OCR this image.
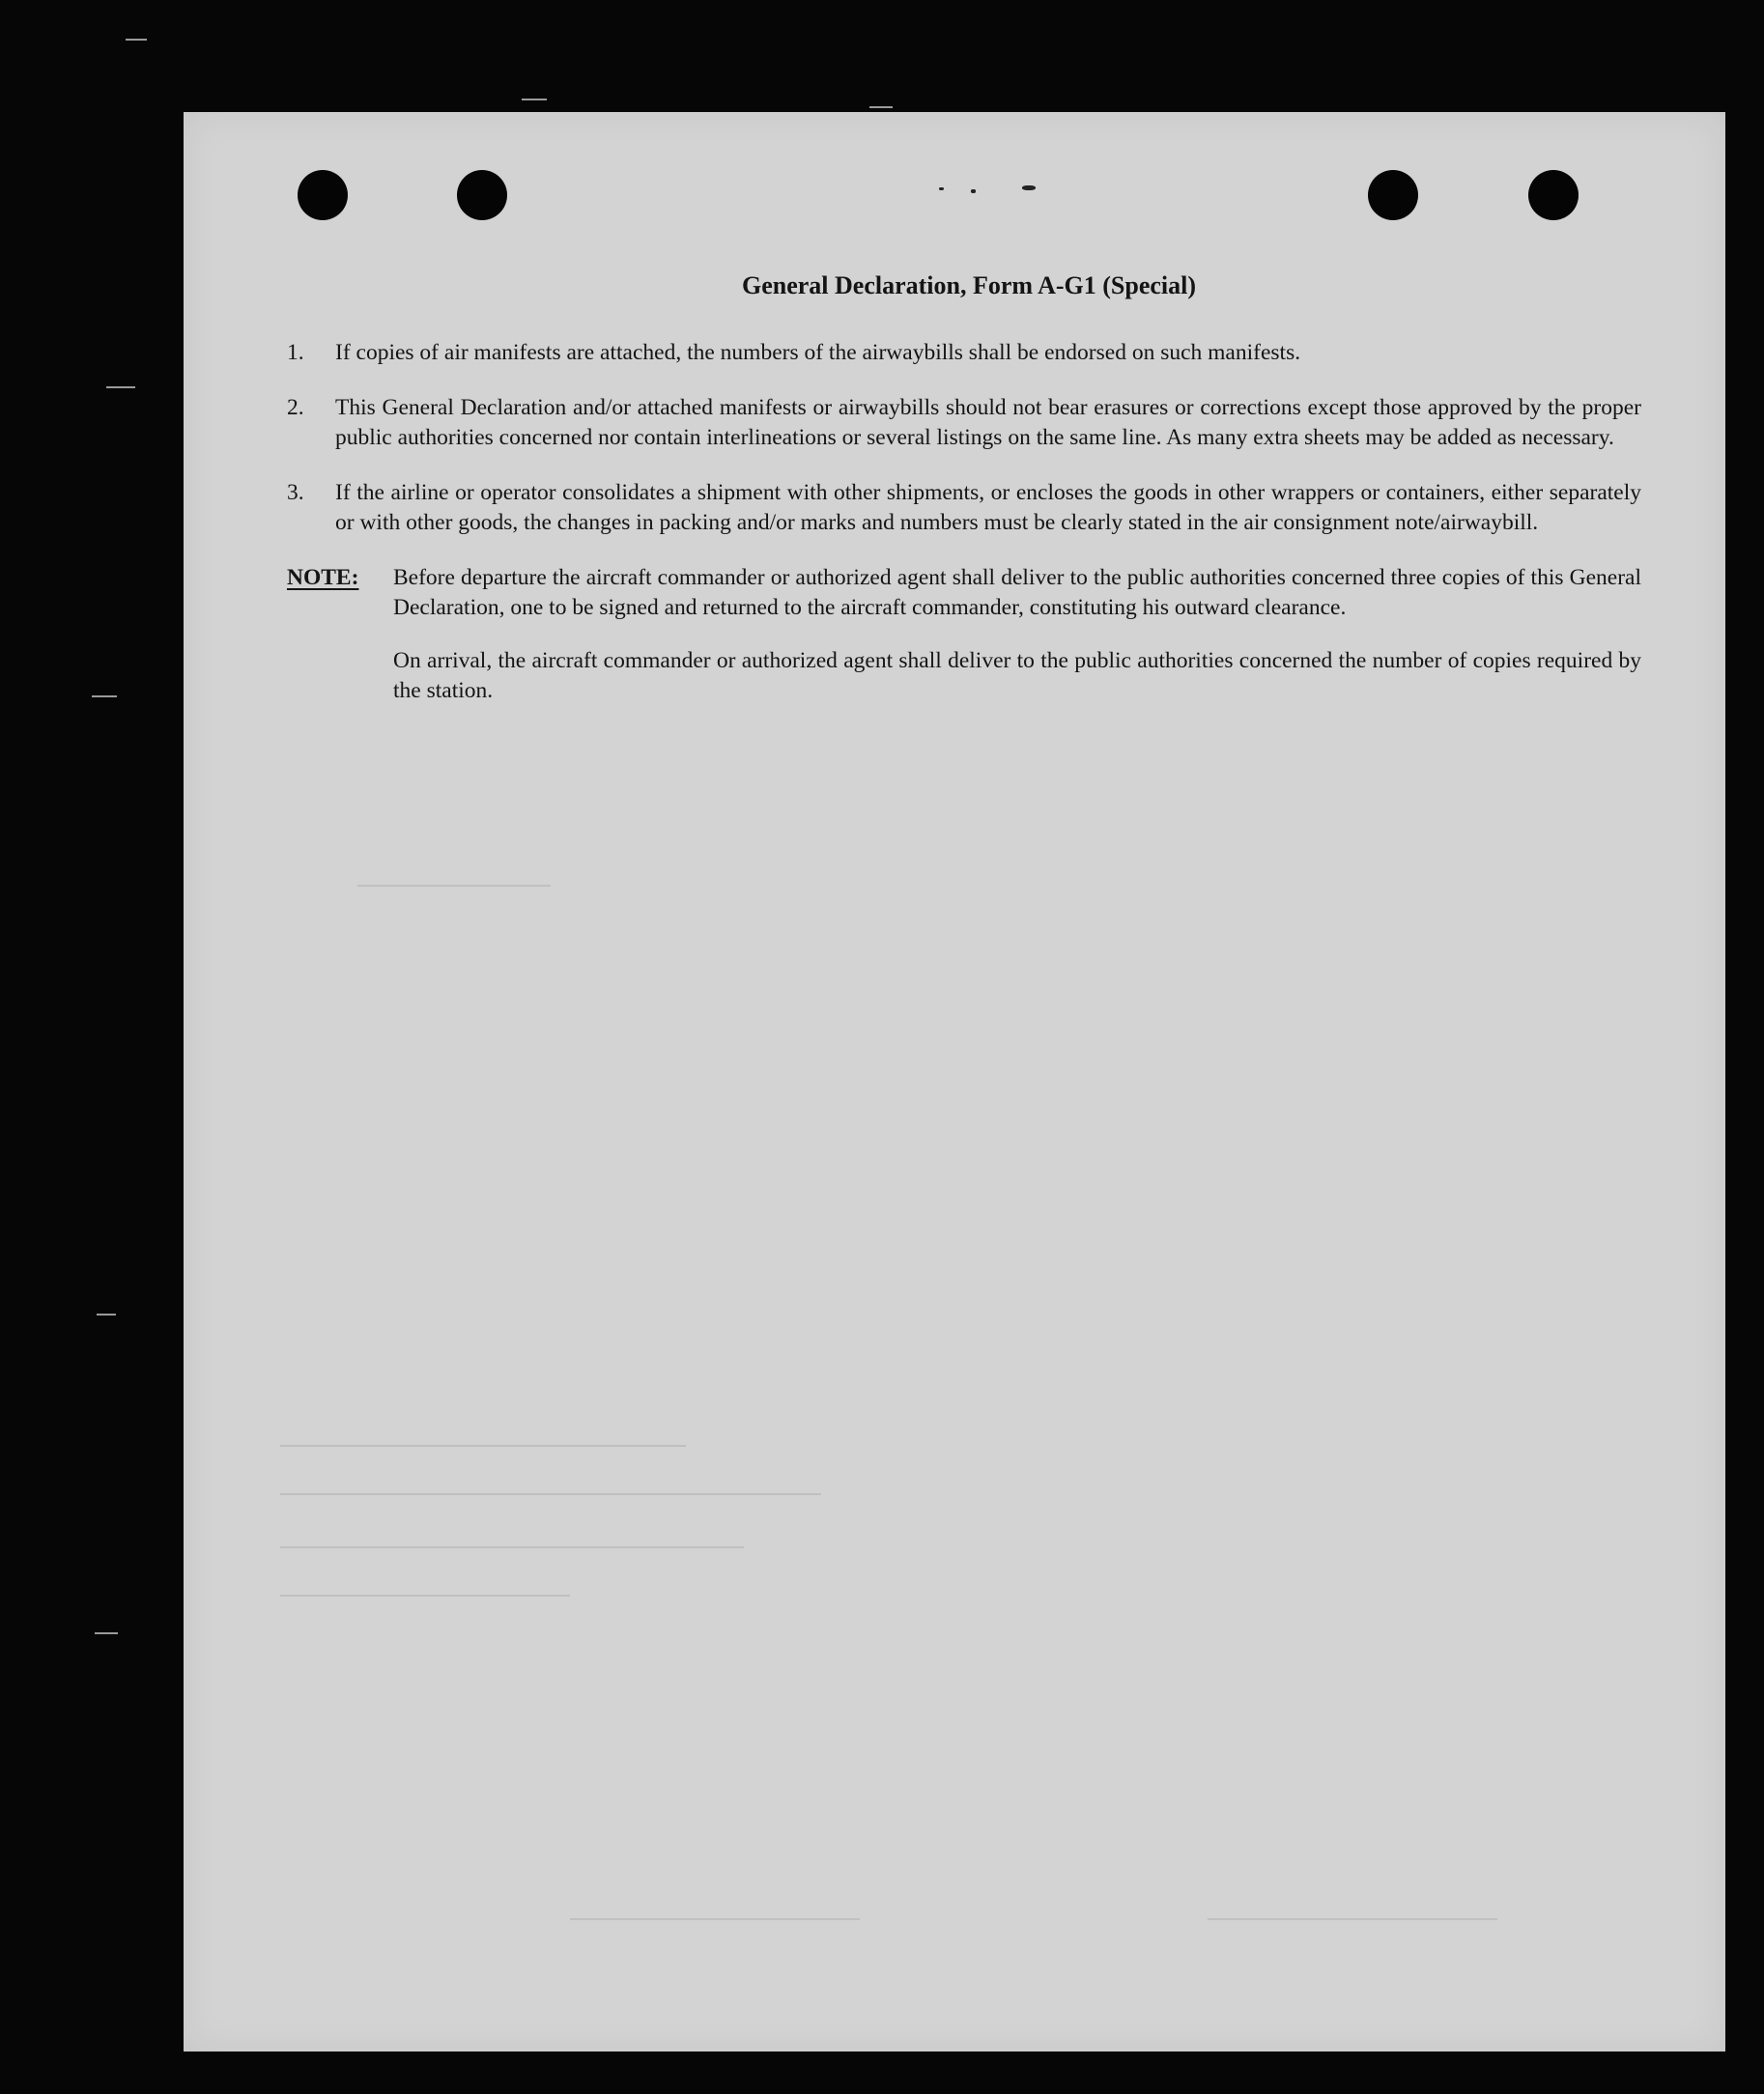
General Declaration, Form A-G1 (Special)
1. If copies of air manifests are attached, the numbers of the airwaybills shall be endorsed on such manifests.
2. This General Declaration and/or attached manifests or airwaybills should not bear erasures or corrections except those approved by the proper public authorities concerned nor contain interlineations or several listings on the same line. As many extra sheets may be added as necessary.
3. If the airline or operator consolidates a shipment with other shipments, or encloses the goods in other wrappers or containers, either separately or with other goods, the changes in packing and/or marks and numbers must be clearly stated in the air consignment note/airwaybill.
NOTE: Before departure the aircraft commander or authorized agent shall deliver to the public authorities concerned three copies of this General Declaration, one to be signed and returned to the aircraft commander, constituting his outward clearance.

On arrival, the aircraft commander or authorized agent shall deliver to the public authorities concerned the number of copies required by the station.
